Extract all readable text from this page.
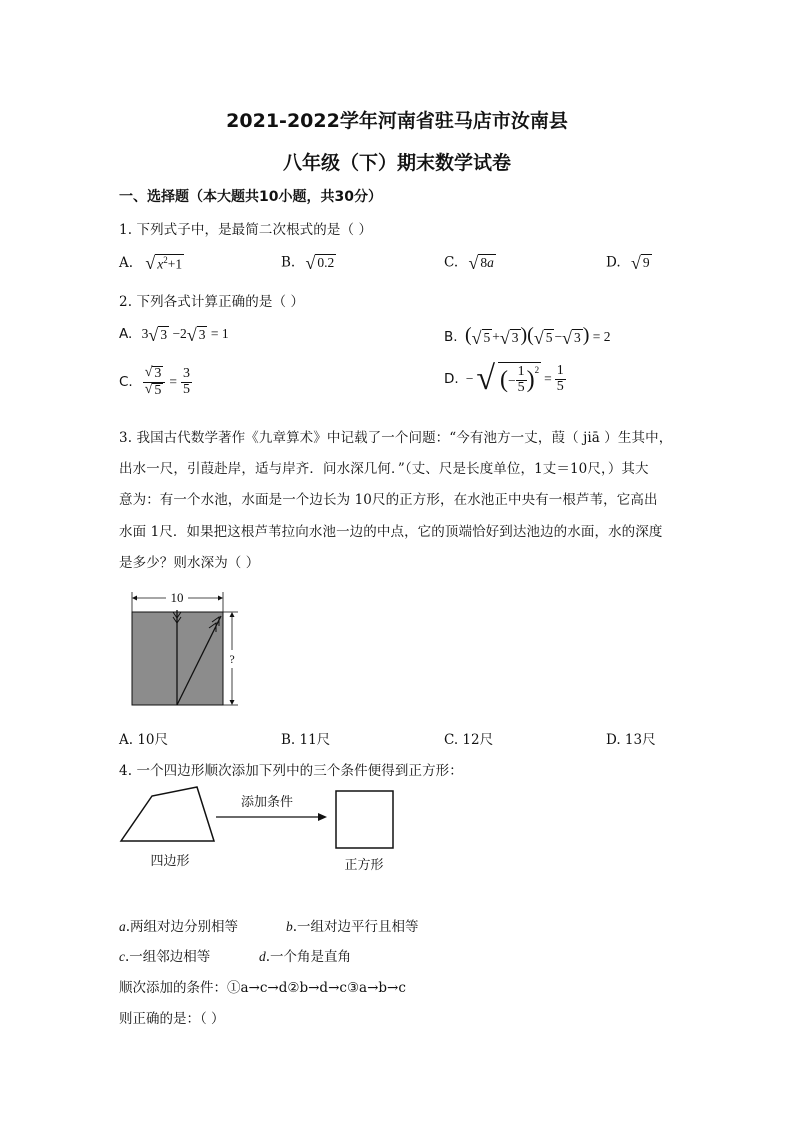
2021-2022学年河南省驻马店市汝南县
八年级（下）期末数学试卷
一、选择题（本大题共10小题，共30分）
1. 下列式子中，是最简二次根式的是（ ）
A. √ $x^2+1$	B. √ 0.2	C. √ 8a	D. √ 9
2. 下列各式计算正确的是（ ）
A. 3 √ 3 −2 √ 3 = 1	B. ( √ 5 + √ 3 )( √ 5 − √ 3 ) = 2
C. $\frac{√ 3}{√ 5} = \frac{3}{5}$	D. − √ ( − $\frac{1}{5} )^2$
= $\frac{1}{5}$
3. 我国古代数学著作《九章算术》中记载了一个问题：“今有池方一丈，葭（ jiā ）生其中，
出水一尺，引葭赴岸，适与岸齐．问水深几何．”（丈、尺是长度单位，1丈＝10尺，）其大
意为：有一个水池，水面是一个边长为 10尺的正方形，在水池正中央有一根芦苇，它高出
水面 1尺．如果把这根芦苇拉向水池一边的中点，它的顶端恰好到达池边的水面，水的深度
是多少？则水深为（ ）
10
?
A. 10尺	B. 11尺	C. 12尺	D. 13尺
4. 一个四边形顺次添加下列中的三个条件便得到正方形：
添加条件
四边形	正方形
a.两组对边分别相等	b.一组对边平行且相等
c.一组邻边相等	d.一个角是直角
顺次添加的条件：①a→c→d②b→d→c③a→b→c
则正确的是：（ ）
